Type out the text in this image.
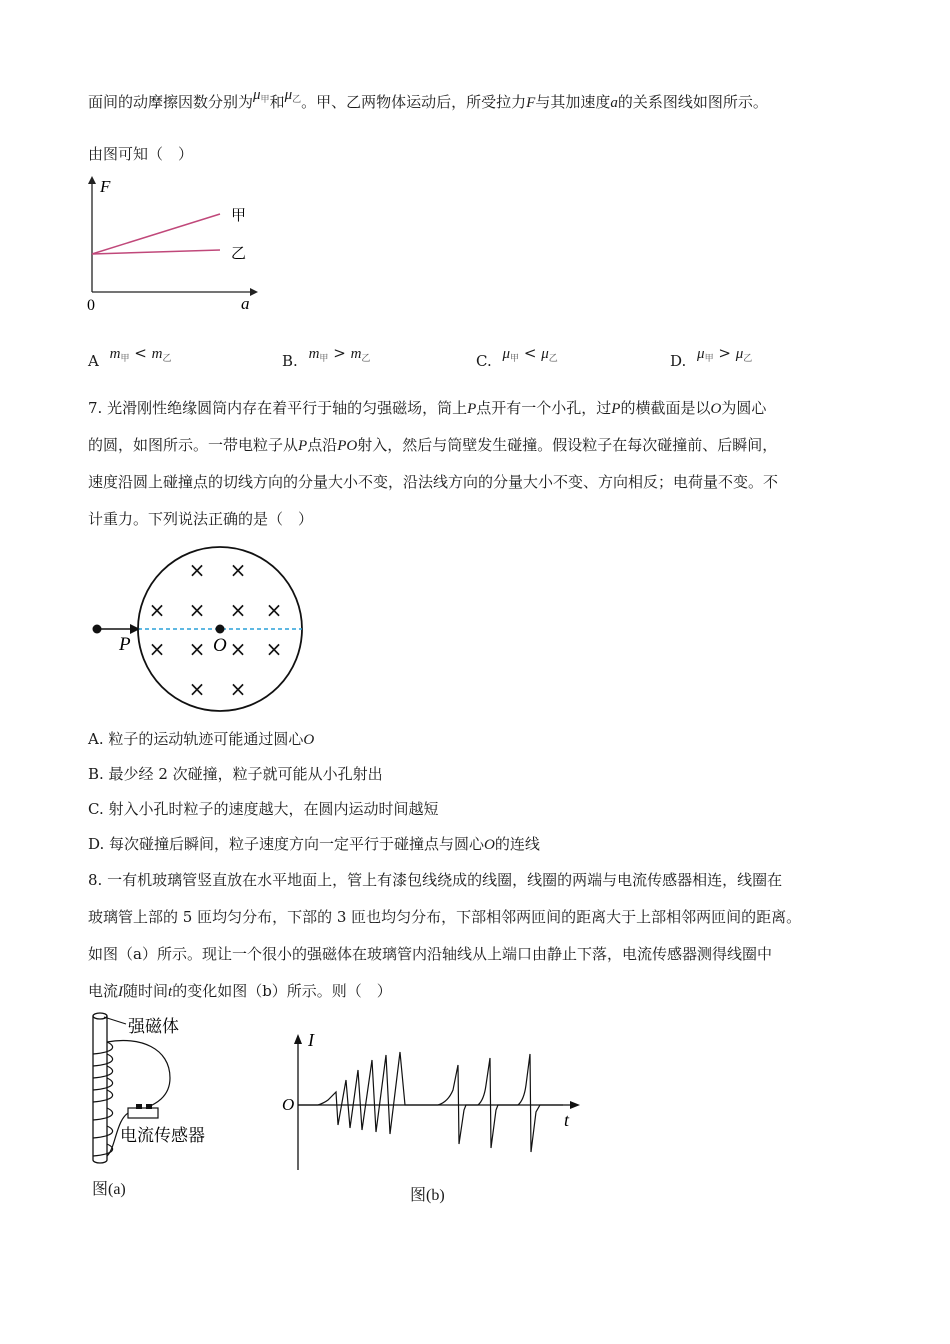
面间的动摩擦因数分别为$\mu_甲$和$\mu_乙$。甲、乙两物体运动后，所受拉力F与其加速度a的关系图线如图所示。
由图可知（　）
F
a
0
甲
乙
A $m_甲 < m_乙$	B. $m_甲 > m_乙$	C. $\mu_甲 < \mu_乙$	D. $\mu_甲 > \mu_乙$
7. 光滑刚性绝缘圆筒内存在着平行于轴的匀强磁场，筒上P点开有一个小孔，过P的横截面是以O为圆心
的圆，如图所示。一带电粒子从P点沿PO射入，然后与筒壁发生碰撞。假设粒子在每次碰撞前、后瞬间，
速度沿圆上碰撞点的切线方向的分量大小不变，沿法线方向的分量大小不变、方向相反；电荷量不变。不
计重力。下列说法正确的是（　）
P	O
× ×
× × × ×
× × × ×
× ×
A. 粒子的运动轨迹可能通过圆心O
B. 最少经 2 次碰撞，粒子就可能从小孔射出
C. 射入小孔时粒子的速度越大，在圆内运动时间越短
D. 每次碰撞后瞬间，粒子速度方向一定平行于碰撞点与圆心O的连线
8. 一有机玻璃管竖直放在水平地面上，管上有漆包线绕成的线圈，线圈的两端与电流传感器相连，线圈在
玻璃管上部的 5 匝均匀分布，下部的 3 匝也均匀分布，下部相邻两匝间的距离大于上部相邻两匝间的距离。
如图（a）所示。现让一个很小的强磁体在玻璃管内沿轴线从上端口由静止下落，电流传感器测得线圈中
电流I随时间t的变化如图（b）所示。则（　）
强磁体
电流传感器
图(a)
I
O
t
图(b)
